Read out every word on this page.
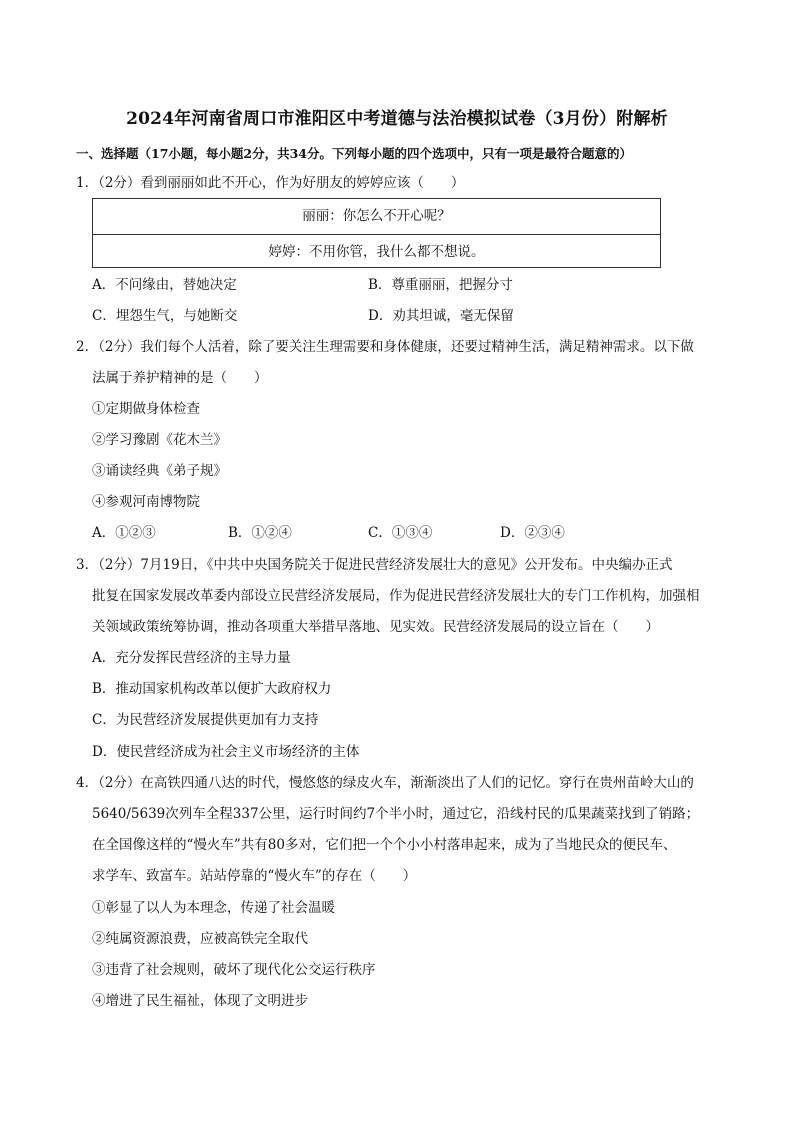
2024年河南省周口市淮阳区中考道德与法治模拟试卷（3月份）附解析
一、选择题（17小题，每小题2分，共34分。下列每小题的四个选项中，只有一项是最符合题意的）
1．（2分）看到丽丽如此不开心，作为好朋友的婷婷应该（　　）
丽丽：你怎么不开心呢？
婷婷：不用你管，我什么都不想说。
A．不问缘由，替她决定	B．尊重丽丽，把握分寸
C．埋怨生气，与她断交	D．劝其坦诚，毫无保留
2．（2分）我们每个人活着，除了要关注生理需要和身体健康，还要过精神生活，满足精神需求。以下做
法属于养护精神的是（　　）
①定期做身体检查
②学习豫剧《花木兰》
③诵读经典《弟子规》
④参观河南博物院
A．①②③	B．①②④	C．①③④	D．②③④
3．（2分）7月19日，《中共中央国务院关于促进民营经济发展壮大的意见》公开发布。中央编办正式
批复在国家发展改革委内部设立民营经济发展局，作为促进民营经济发展壮大的专门工作机构，加强相
关领域政策统筹协调，推动各项重大举措早落地、见实效。民营经济发展局的设立旨在（　　）
A．充分发挥民营经济的主导力量
B．推动国家机构改革以便扩大政府权力
C．为民营经济发展提供更加有力支持
D．使民营经济成为社会主义市场经济的主体
4．（2分）在高铁四通八达的时代，慢悠悠的绿皮火车，渐渐淡出了人们的记忆。穿行在贵州苗岭大山的
5640/5639次列车全程337公里，运行时间约7个半小时，通过它，沿线村民的瓜果蔬菜找到了销路；
在全国像这样的“慢火车”共有80多对，它们把一个个小小村落串起来，成为了当地民众的便民车、
求学车、致富车。站站停靠的“慢火车”的存在（　　）
①彰显了以人为本理念，传递了社会温暖
②纯属资源浪费，应被高铁完全取代
③违背了社会规则，破坏了现代化公交运行秩序
④增进了民生福祉，体现了文明进步
